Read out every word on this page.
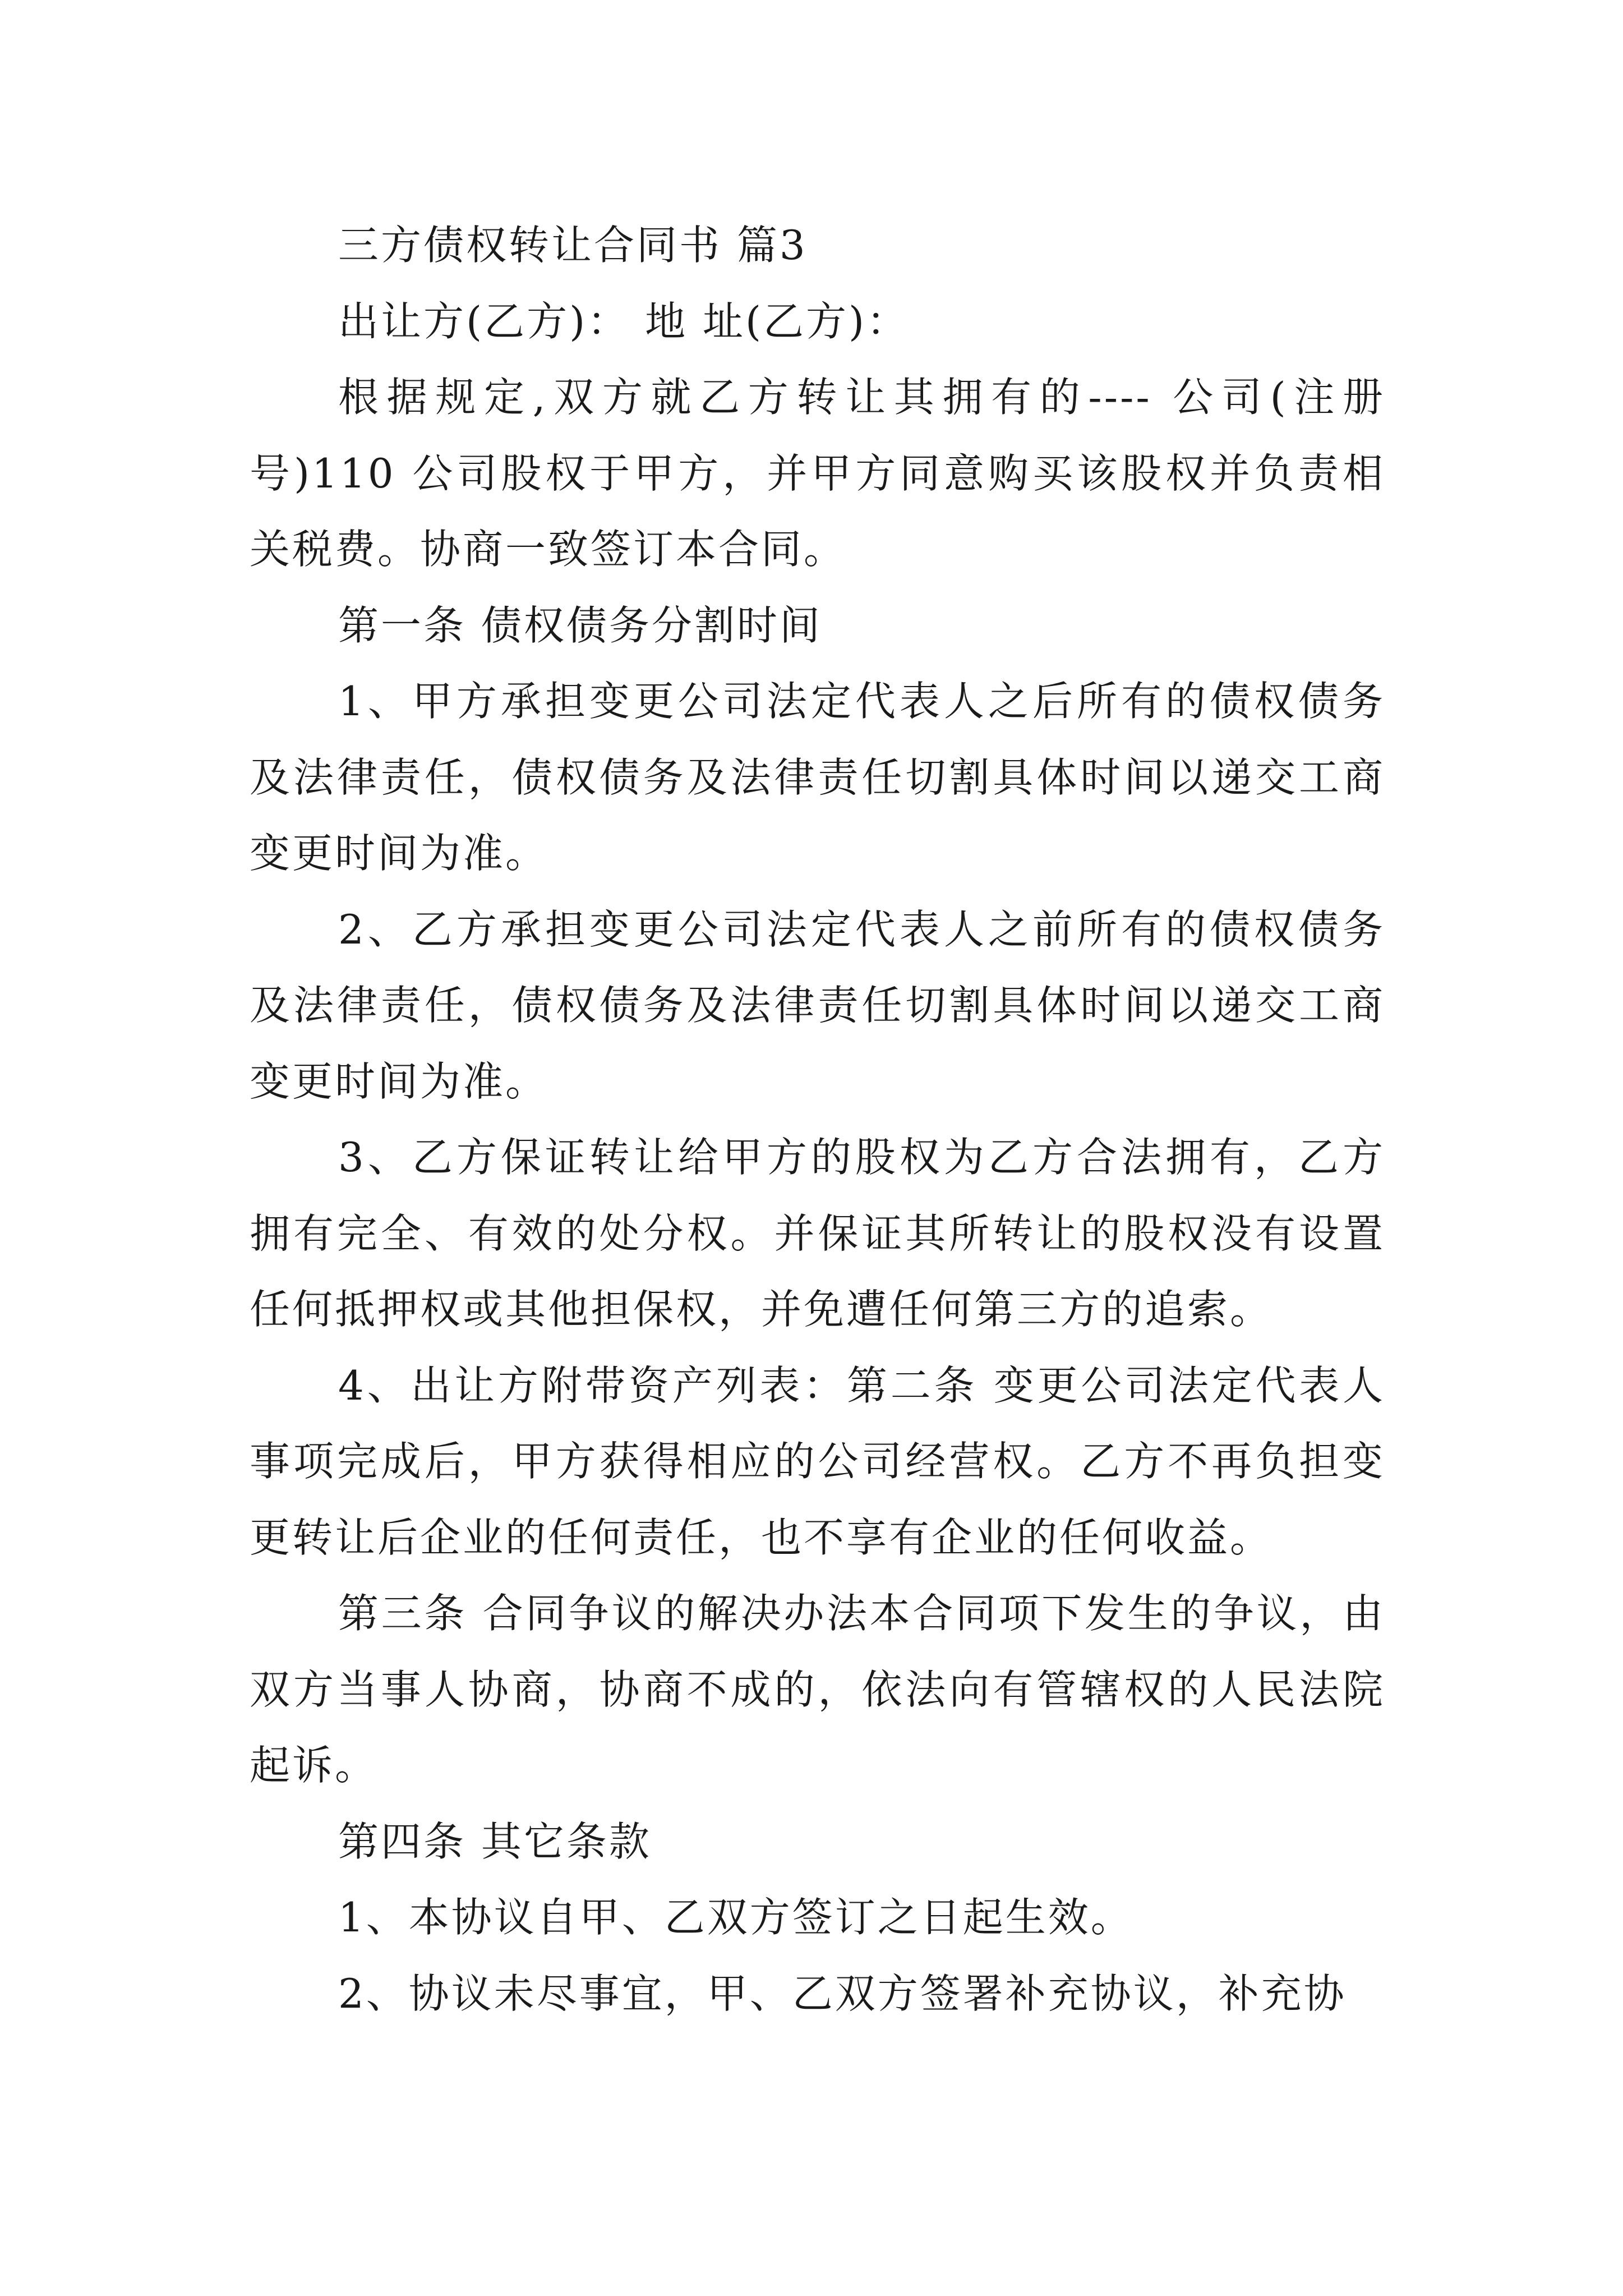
三方债权转让合同书 篇3

出让方(乙方)： 地 址(乙方)：

根据规定,双方就乙方转让其拥有的---- 公司(注册号)110 公司股权于甲方，并甲方同意购买该股权并负责相关税费。协商一致签订本合同。

第一条 债权债务分割时间

1、甲方承担变更公司法定代表人之后所有的债权债务及法律责任，债权债务及法律责任切割具体时间以递交工商变更时间为准。

2、乙方承担变更公司法定代表人之前所有的债权债务及法律责任，债权债务及法律责任切割具体时间以递交工商变更时间为准。

3、乙方保证转让给甲方的股权为乙方合法拥有，乙方拥有完全、有效的处分权。并保证其所转让的股权没有设置任何抵押权或其他担保权，并免遭任何第三方的追索。

4、出让方附带资产列表：第二条 变更公司法定代表人事项完成后，甲方获得相应的公司经营权。乙方不再负担变更转让后企业的任何责任，也不享有企业的任何收益。

第三条 合同争议的解决办法本合同项下发生的争议，由双方当事人协商，协商不成的，依法向有管辖权的人民法院起诉。

第四条 其它条款

1、本协议自甲、乙双方签订之日起生效。

2、协议未尽事宜，甲、乙双方签署补充协议，补充协
